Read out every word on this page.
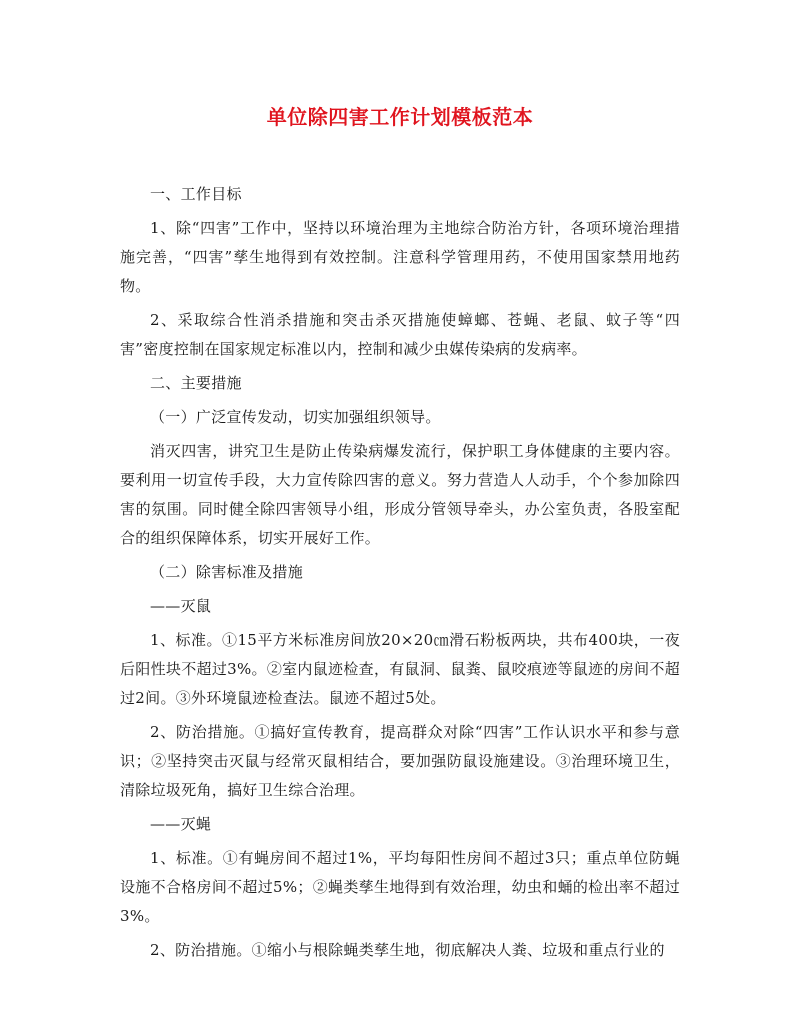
单位除四害工作计划模板范本
一、工作目标
1、除“四害”工作中，坚持以环境治理为主地综合防治方针，各项环境治理措施完善，“四害”孳生地得到有效控制。注意科学管理用药，不使用国家禁用地药物。
2、采取综合性消杀措施和突击杀灭措施使蟑螂、苍蝇、老鼠、蚊子等“四害”密度控制在国家规定标准以内，控制和减少虫媒传染病的发病率。
二、主要措施
（一）广泛宣传发动，切实加强组织领导。
消灭四害，讲究卫生是防止传染病爆发流行，保护职工身体健康的主要内容。要利用一切宣传手段，大力宣传除四害的意义。努力营造人人动手，个个参加除四害的氛围。同时健全除四害领导小组，形成分管领导牵头，办公室负责，各股室配合的组织保障体系，切实开展好工作。
（二）除害标准及措施
——灭鼠
1、标准。①15平方米标准房间放20×20㎝滑石粉板两块，共布400块，一夜后阳性块不超过3%。②室内鼠迹检查，有鼠洞、鼠粪、鼠咬痕迹等鼠迹的房间不超过2间。③外环境鼠迹检查法。鼠迹不超过5处。
2、防治措施。①搞好宣传教育，提高群众对除“四害”工作认识水平和参与意识；②坚持突击灭鼠与经常灭鼠相结合，要加强防鼠设施建设。③治理环境卫生，清除垃圾死角，搞好卫生综合治理。
——灭蝇
1、标准。①有蝇房间不超过1%，平均每阳性房间不超过3只；重点单位防蝇设施不合格房间不超过5%；②蝇类孳生地得到有效治理，幼虫和蛹的检出率不超过3%。
2、防治措施。①缩小与根除蝇类孳生地，彻底解决人粪、垃圾和重点行业的
